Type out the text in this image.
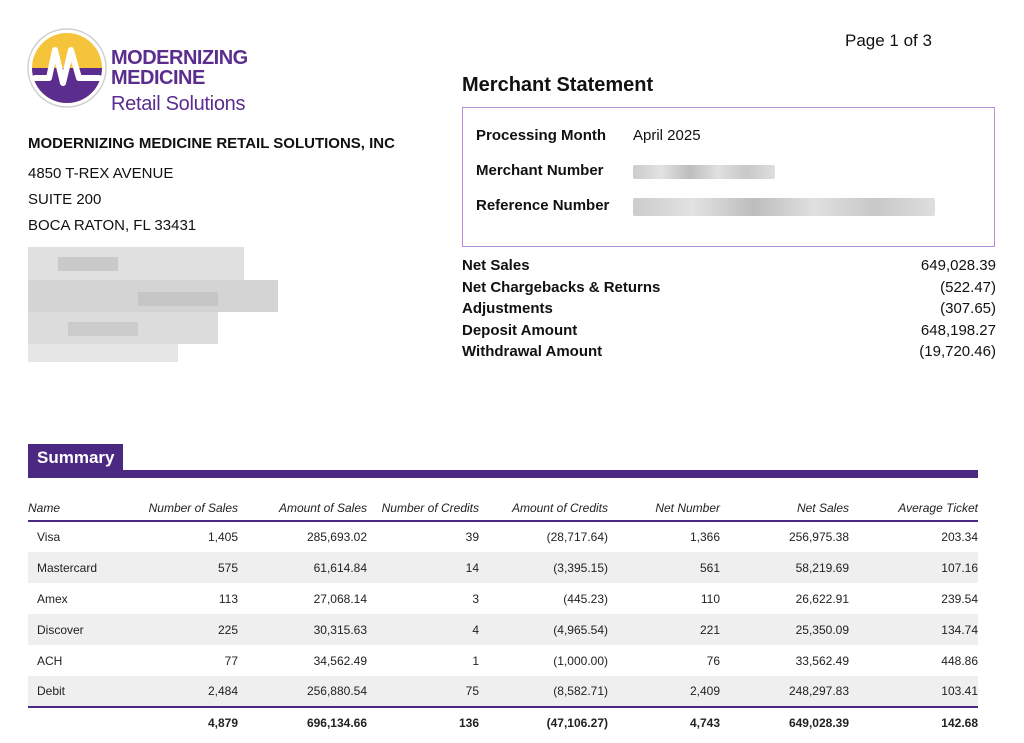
Page 1 of 3
MODERNIZING
MEDICINE
Retail Solutions
MODERNIZING MEDICINE RETAIL SOLUTIONS, INC
4850 T-REX AVENUE
SUITE 200
BOCA RATON, FL 33431
Merchant Statement
Processing Month April 2025
Merchant Number
Reference Number
Net Sales	649,028.39
Net Chargebacks & Returns	(522.47)
Adjustments	(307.65)
Deposit Amount	648,198.27
Withdrawal Amount	(19,720.46)
Summary
Name	Number of Sales	Amount of Sales	Number of Credits	Amount of Credits	Net Number	Net Sales	Average Ticket
Visa	1,405	285,693.02	39	(28,717.64)	1,366	256,975.38	203.34
Mastercard	575	61,614.84	14	(3,395.15)	561	58,219.69	107.16
Amex	113	27,068.14	3	(445.23)	110	26,622.91	239.54
Discover	225	30,315.63	4	(4,965.54)	221	25,350.09	134.74
ACH	77	34,562.49	1	(1,000.00)	76	33,562.49	448.86
Debit	2,484	256,880.54	75	(8,582.71)	2,409	248,297.83	103.41
	4,879	696,134.66	136	(47,106.27)	4,743	649,028.39	142.68
